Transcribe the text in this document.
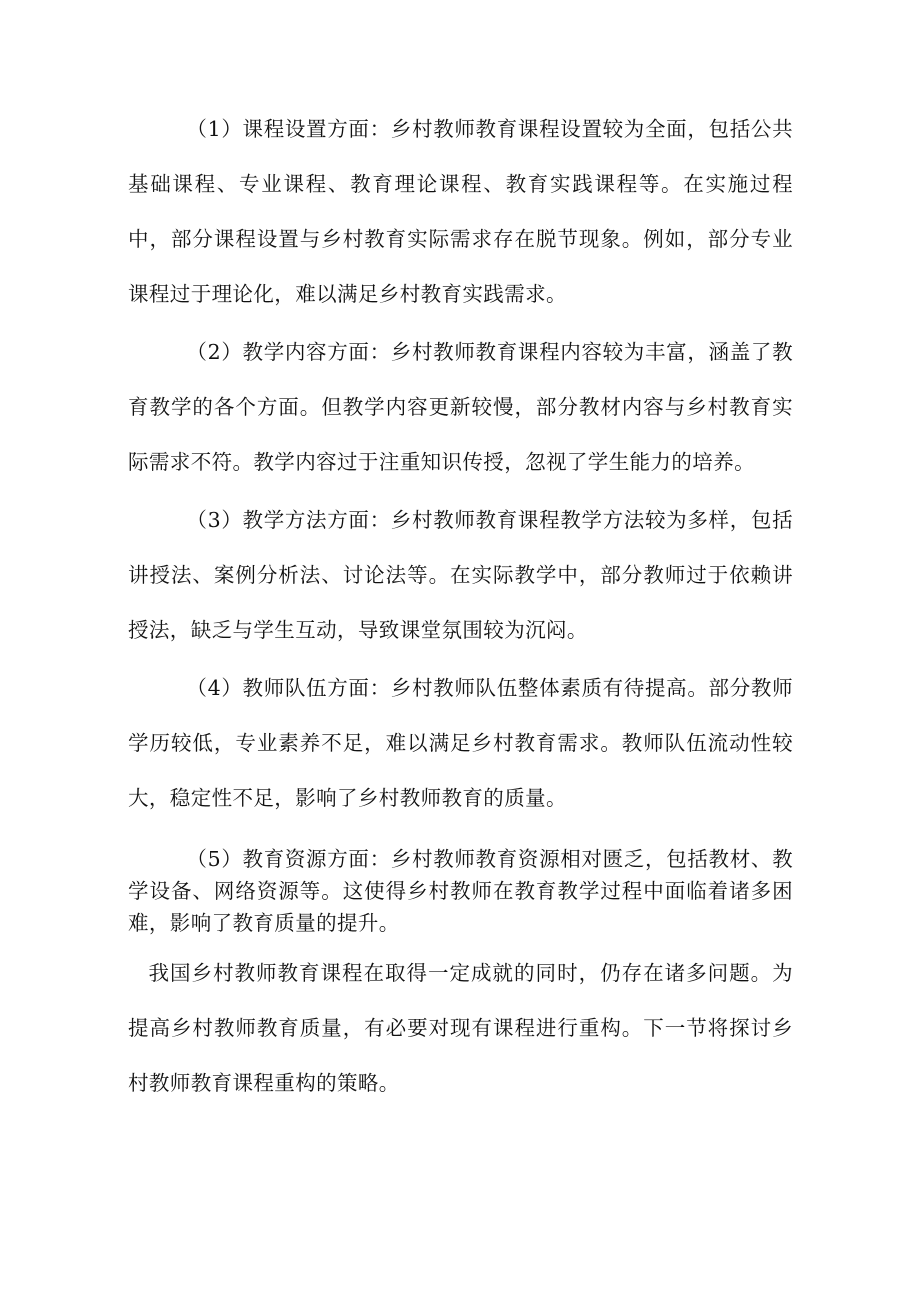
（1）课程设置方面：乡村教师教育课程设置较为全面，包括公共基础课程、专业课程、教育理论课程、教育实践课程等。在实施过程中，部分课程设置与乡村教育实际需求存在脱节现象。例如，部分专业课程过于理论化，难以满足乡村教育实践需求。

（2）教学内容方面：乡村教师教育课程内容较为丰富，涵盖了教育教学的各个方面。但教学内容更新较慢，部分教材内容与乡村教育实际需求不符。教学内容过于注重知识传授，忽视了学生能力的培养。

（3）教学方法方面：乡村教师教育课程教学方法较为多样，包括讲授法、案例分析法、讨论法等。在实际教学中，部分教师过于依赖讲授法，缺乏与学生互动，导致课堂氛围较为沉闷。

（4）教师队伍方面：乡村教师队伍整体素质有待提高。部分教师学历较低，专业素养不足，难以满足乡村教育需求。教师队伍流动性较大，稳定性不足，影响了乡村教师教育的质量。

（5）教育资源方面：乡村教师教育资源相对匮乏，包括教材、教学设备、网络资源等。这使得乡村教师在教育教学过程中面临着诸多困难，影响了教育质量的提升。

我国乡村教师教育课程在取得一定成就的同时，仍存在诸多问题。为提高乡村教师教育质量，有必要对现有课程进行重构。下一节将探讨乡村教师教育课程重构的策略。
